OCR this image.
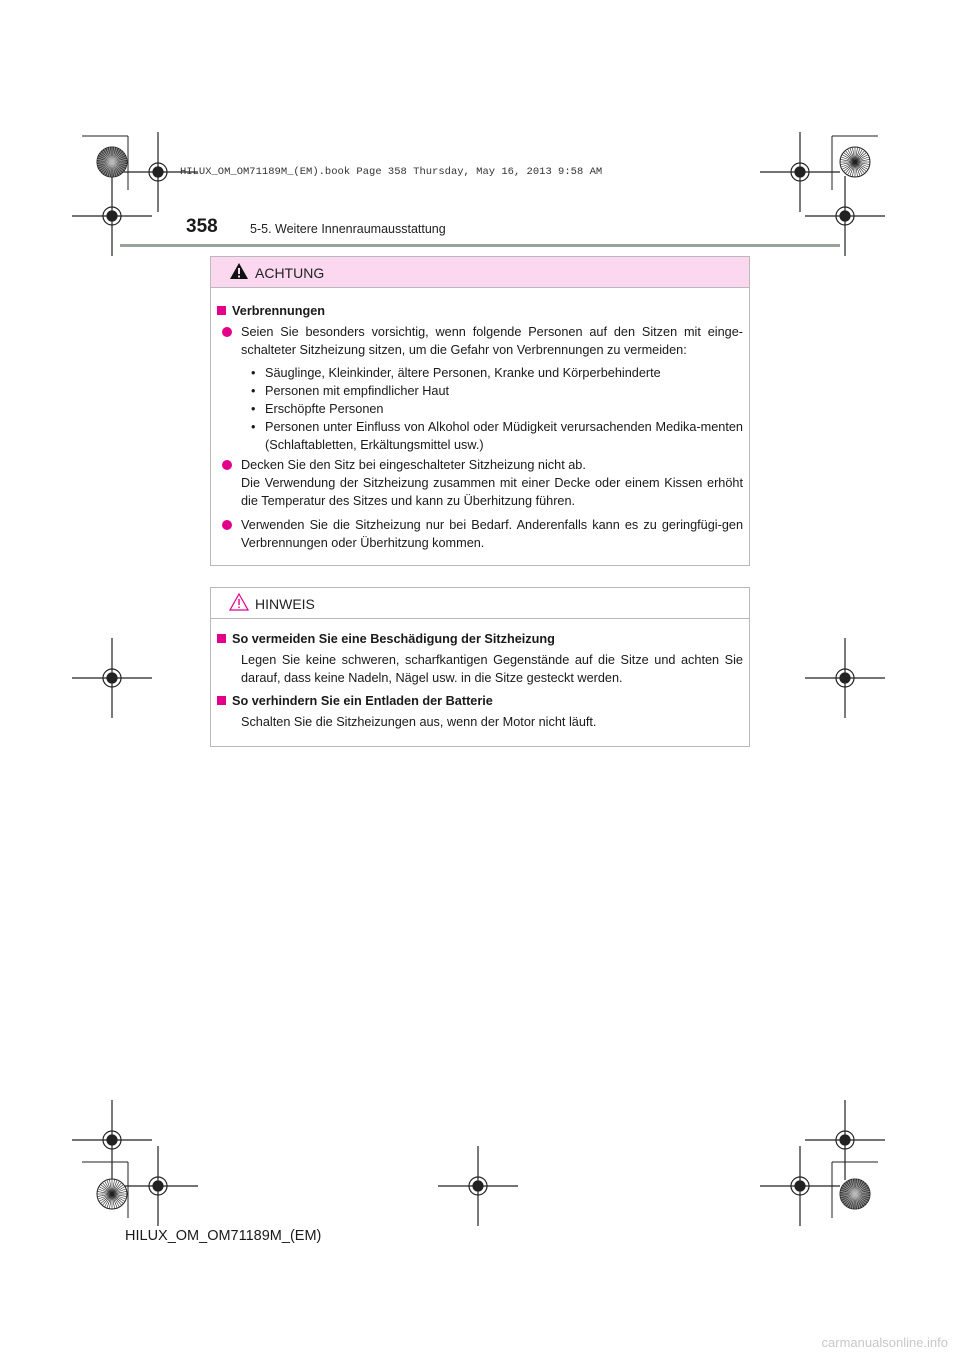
HILUX_OM_OM71189M_(EM).book Page 358 Thursday, May 16, 2013 9:58 AM
358	5-5. Weitere Innenraumausstattung
ACHTUNG
Verbrennungen
Seien Sie besonders vorsichtig, wenn folgende Personen auf den Sitzen mit einge-schalteter Sitzheizung sitzen, um die Gefahr von Verbrennungen zu vermeiden:
• Säuglinge, Kleinkinder, ältere Personen, Kranke und Körperbehinderte
• Personen mit empfindlicher Haut
• Erschöpfte Personen
• Personen unter Einfluss von Alkohol oder Müdigkeit verursachenden Medika-menten (Schlaftabletten, Erkältungsmittel usw.)
Decken Sie den Sitz bei eingeschalteter Sitzheizung nicht ab.
Die Verwendung der Sitzheizung zusammen mit einer Decke oder einem Kissen erhöht die Temperatur des Sitzes und kann zu Überhitzung führen.
Verwenden Sie die Sitzheizung nur bei Bedarf. Anderenfalls kann es zu geringfügi-gen Verbrennungen oder Überhitzung kommen.
HINWEIS
So vermeiden Sie eine Beschädigung der Sitzheizung
Legen Sie keine schweren, scharfkantigen Gegenstände auf die Sitze und achten Sie darauf, dass keine Nadeln, Nägel usw. in die Sitze gesteckt werden.
So verhindern Sie ein Entladen der Batterie
Schalten Sie die Sitzheizungen aus, wenn der Motor nicht läuft.
HILUX_OM_OM71189M_(EM)
carmanualsonline.info
